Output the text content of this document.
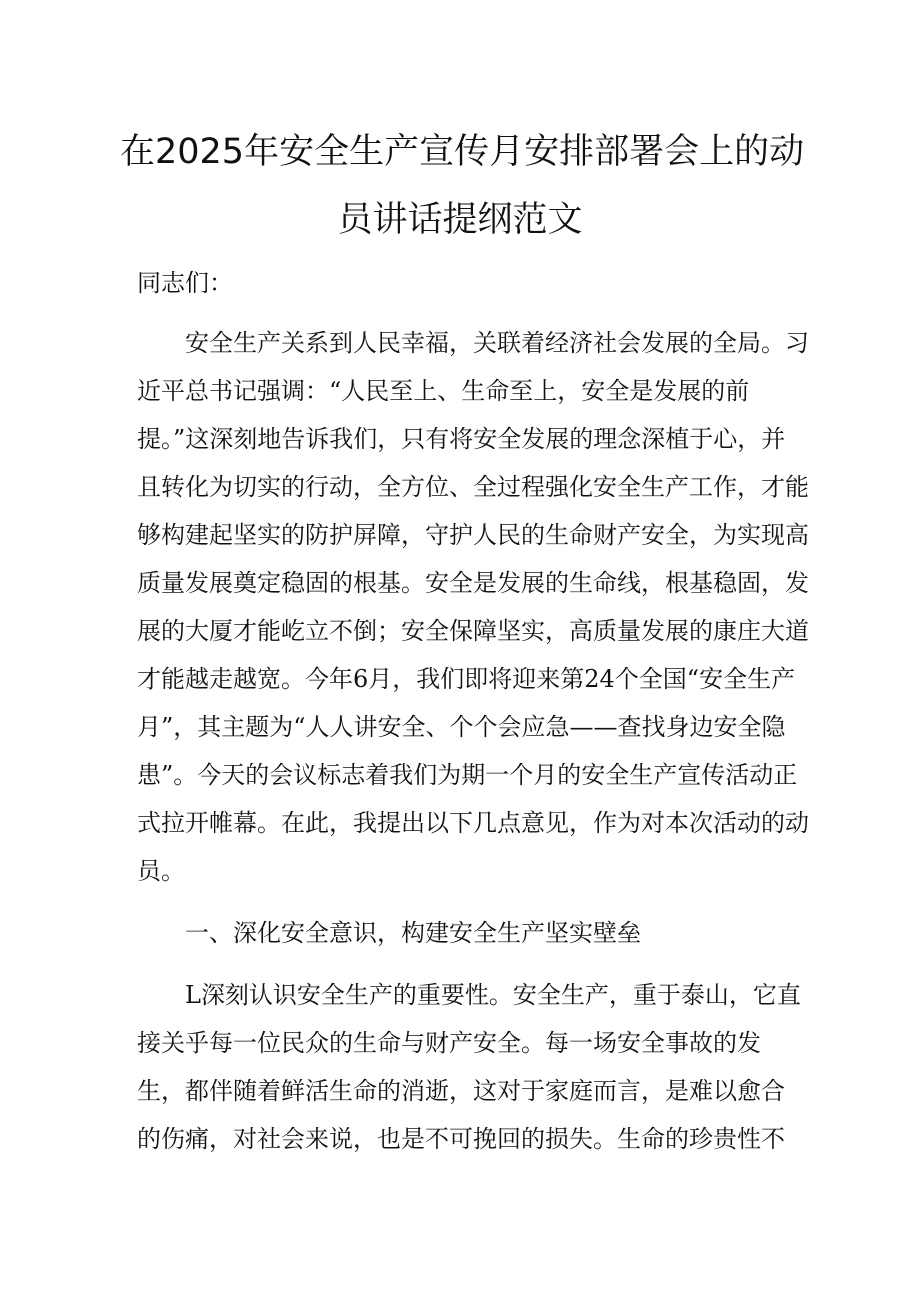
在2025年安全生产宣传月安排部署会上的动
员讲话提纲范文
同志们：
安全生产关系到人民幸福，关联着经济社会发展的全局。习
近平总书记强调：“人民至上、生命至上，安全是发展的前
提。”这深刻地告诉我们，只有将安全发展的理念深植于心，并
且转化为切实的行动，全方位、全过程强化安全生产工作，才能
够构建起坚实的防护屏障，守护人民的生命财产安全，为实现高
质量发展奠定稳固的根基。安全是发展的生命线，根基稳固，发
展的大厦才能屹立不倒；安全保障坚实，高质量发展的康庄大道
才能越走越宽。今年6月，我们即将迎来第24个全国“安全生产
月”，其主题为“人人讲安全、个个会应急——查找身边安全隐
患”。今天的会议标志着我们为期一个月的安全生产宣传活动正
式拉开帷幕。在此，我提出以下几点意见，作为对本次活动的动
员。
一、深化安全意识，构建安全生产坚实壁垒
L深刻认识安全生产的重要性。安全生产，重于泰山，它直
接关乎每一位民众的生命与财产安全。每一场安全事故的发
生，都伴随着鲜活生命的消逝，这对于家庭而言，是难以愈合
的伤痛，对社会来说，也是不可挽回的损失。生命的珍贵性不
